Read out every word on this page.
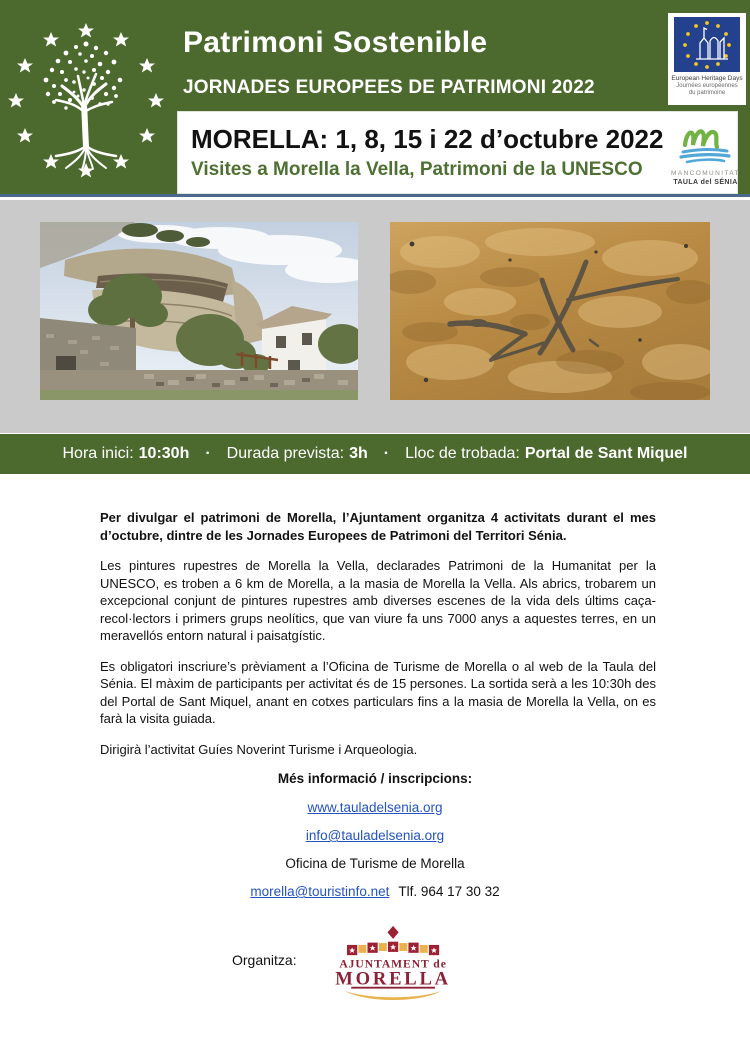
Patrimoni Sostenible
JORNADES EUROPEES DE PATRIMONI 2022	European Heritage Days
Journées européennes
du patrimoine
MORELLA: 1, 8, 15 i 22 d’octubre 2022
Visites a Morella la Vella, Patrimoni de la UNESCO	MANCOMUNITAT
TAULA del SÉNIA
Hora inici: 10:30h · Durada prevista: 3h · Lloc de trobada: Portal de Sant Miquel

Per divulgar el patrimoni de Morella, l’Ajuntament organitza 4 activitats durant el mes d’octubre, dintre de les Jornades Europees de Patrimoni del Territori Sénia.

Les pintures rupestres de Morella la Vella, declarades Patrimoni de la Humanitat per la UNESCO, es troben a 6 km de Morella, a la masia de Morella la Vella. Als abrics, trobarem un excepcional conjunt de pintures rupestres amb diverses escenes de la vida dels últims caça-recol·lectors i primers grups neolítics, que van viure fa uns 7000 anys a aquestes terres, en un meravellós entorn natural i paisatgístic.

Es obligatori inscriure’s prèviament a l’Oficina de Turisme de Morella o al web de la Taula del Sénia. El màxim de participants per activitat és de 15 persones. La sortida serà a les 10:30h des del Portal de Sant Miquel, anant en cotxes particulars fins a la masia de Morella la Vella, on es farà la visita guiada.

Dirigirà l’activitat Guíes Noverint Turisme i Arqueologia.

Més informació / inscripcions:
www.tauladelsenia.org
info@tauladelsenia.org
Oficina de Turisme de Morella
morella@touristinfo.net Tlf. 964 17 30 32
Organitza:	AJUNTAMENT de
MORELLA
